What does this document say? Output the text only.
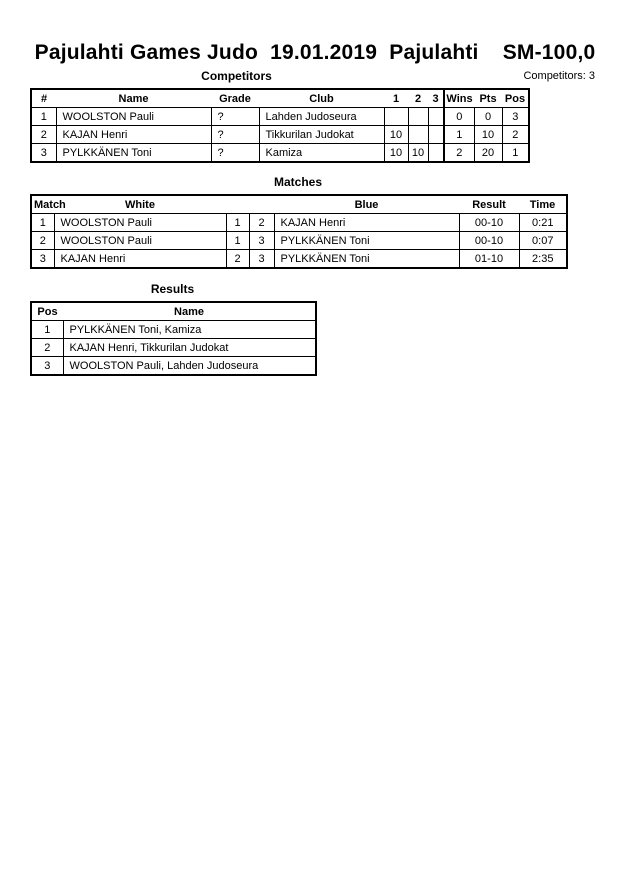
Pajulahti Games Judo  19.01.2019  Pajulahti    SM-100,0
Competitors	Competitors: 3
#	Name	Grade	Club	1	2	3	Wins	Pts	Pos
1	WOOLSTON Pauli	?	Lahden Judoseura				0	0	3
2	KAJAN Henri	?	Tikkurilan Judokat	10			1	10	2
3	PYLKKÄNEN Toni	?	Kamiza	10	10		2	20	1
Matches
Match	White			Blue	Result	Time
1	WOOLSTON Pauli	1	2	KAJAN Henri	00-10	0:21
2	WOOLSTON Pauli	1	3	PYLKKÄNEN Toni	00-10	0:07
3	KAJAN Henri	2	3	PYLKKÄNEN Toni	01-10	2:35
Results
Pos	Name
1	PYLKKÄNEN Toni, Kamiza
2	KAJAN Henri, Tikkurilan Judokat
3	WOOLSTON Pauli, Lahden Judoseura
